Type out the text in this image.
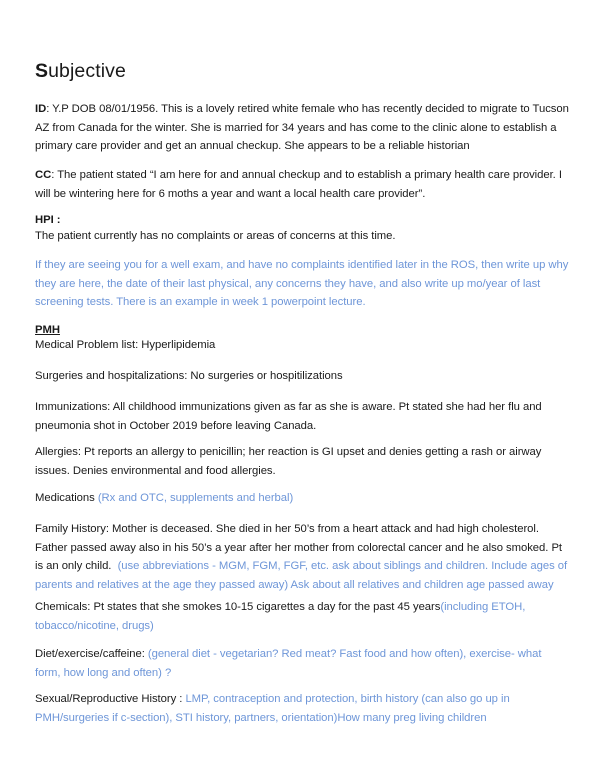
Subjective

ID: Y.P DOB 08/01/1956. This is a lovely retired white female who has recently decided to migrate to Tucson AZ from Canada for the winter. She is married for 34 years and has come to the clinic alone to establish a primary care provider and get an annual checkup. She appears to be a reliable historian

CC: The patient stated “I am here for and annual checkup and to establish a primary health care provider. I will be wintering here for 6 moths a year and want a local health care provider”.

HPI :

The patient currently has no complaints or areas of concerns at this time.

If they are seeing you for a well exam, and have no complaints identified later in the ROS, then write up why they are here, the date of their last physical, any concerns they have, and also write up mo/year of last screening tests. There is an example in week 1 powerpoint lecture.

PMH

Medical Problem list: Hyperlipidemia

Surgeries and hospitalizations: No surgeries or hospitilizations

Immunizations: All childhood immunizations given as far as she is aware. Pt stated she had her flu and pneumonia shot in October 2019 before leaving Canada.

Allergies: Pt reports an allergy to penicillin; her reaction is GI upset and denies getting a rash or airway issues. Denies environmental and food allergies.

Medications (Rx and OTC, supplements and herbal)

Family History: Mother is deceased. She died in her 50’s from a heart attack and had high cholesterol. Father passed away also in his 50’s a year after her mother from colorectal cancer and he also smoked. Pt is an only child. (use abbreviations - MGM, FGM, FGF, etc. ask about siblings and children. Include ages of parents and relatives at the age they passed away) Ask about all relatives and children age passed away

Chemicals: Pt states that she smokes 10-15 cigarettes a day for the past 45 years(including ETOH, tobacco/nicotine, drugs)

Diet/exercise/caffeine: (general diet - vegetarian? Red meat? Fast food and how often), exercise- what form, how long and often) ?

Sexual/Reproductive History : LMP, contraception and protection, birth history (can also go up in PMH/surgeries if c-section), STI history, partners, orientation)How many preg living children
